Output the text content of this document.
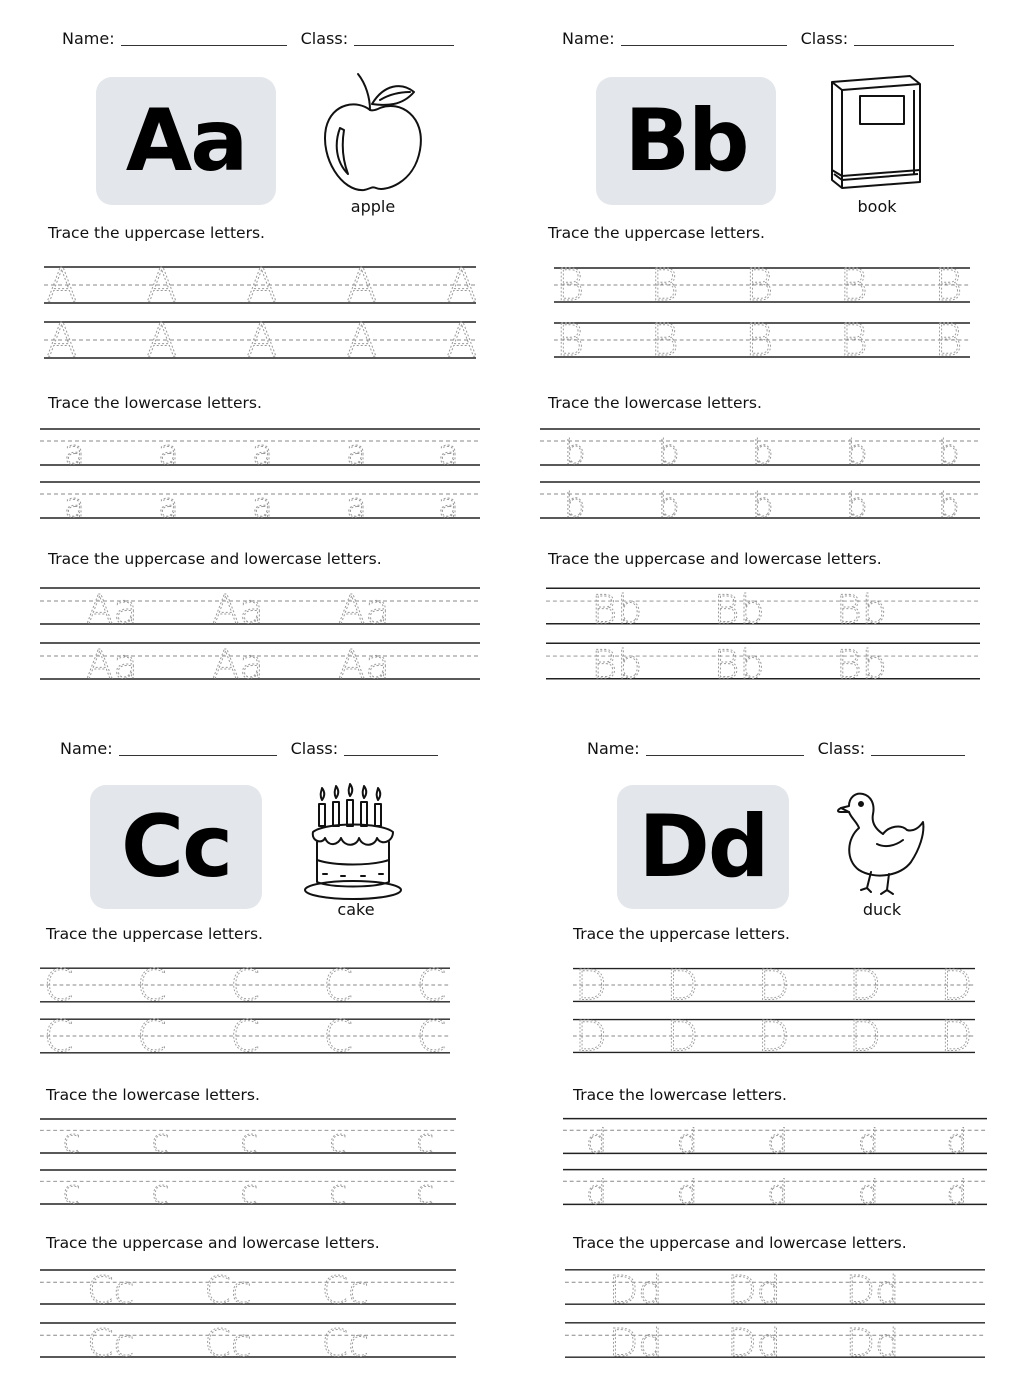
Name:	Class:
Aa
apple
Trace the uppercase letters.
A A A A A
A A A A A
Trace the lowercase letters.
a a a a a
a a a a a
Trace the uppercase and lowercase letters.
Aa Aa Aa
Aa Aa Aa
Name:	Class:
Bb
book
Trace the uppercase letters.
B B B B B
B B B B B
Trace the lowercase letters.
b b b b b
b b b b b
Trace the uppercase and lowercase letters.
Bb Bb Bb
Bb Bb Bb
Name:	Class:
Cc
cake
Trace the uppercase letters.
C C C C C
C C C C C
Trace the lowercase letters.
c c c c c
c c c c c
Trace the uppercase and lowercase letters.
Cc Cc Cc
Cc Cc Cc
Name:	Class:
Dd
duck
Trace the uppercase letters.
D D D D D
D D D D D
Trace the lowercase letters.
d d d d d
d d d d d
Trace the uppercase and lowercase letters.
Dd Dd Dd
Dd Dd Dd
